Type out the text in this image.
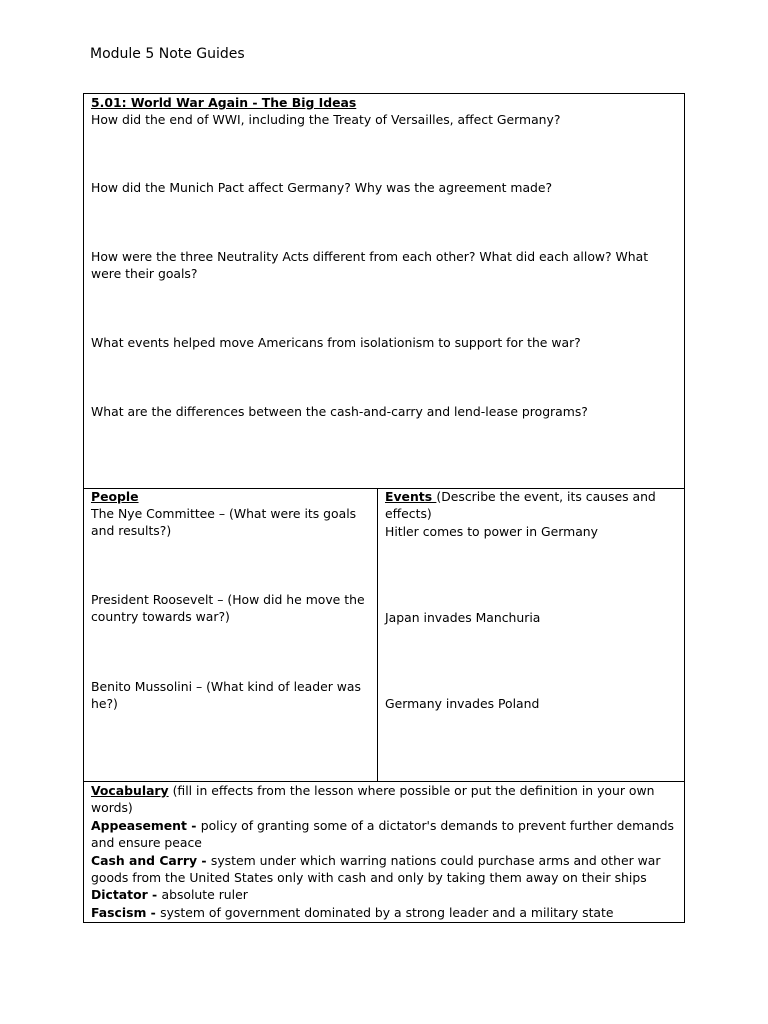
Module 5 Note Guides
5.01: World War Again - The Big Ideas
How did the end of WWI, including the Treaty of Versailles, affect Germany?
How did the Munich Pact affect Germany? Why was the agreement made?
How were the three Neutrality Acts different from each other? What did each allow? What were their goals?
What events helped move Americans from isolationism to support for the war?
What are the differences between the cash-and-carry and lend-lease programs?
People
The Nye Committee – (What were its goals and results?)
President Roosevelt – (How did he move the country towards war?)
Benito Mussolini – (What kind of leader was he?)
Events (Describe the event, its causes and effects)
Hitler comes to power in Germany
Japan invades Manchuria
Germany invades Poland
Vocabulary (fill in effects from the lesson where possible or put the definition in your own words)
Appeasement - policy of granting some of a dictator's demands to prevent further demands and ensure peace
Cash and Carry - system under which warring nations could purchase arms and other war goods from the United States only with cash and only by taking them away on their ships
Dictator - absolute ruler
Fascism - system of government dominated by a strong leader and a military state
